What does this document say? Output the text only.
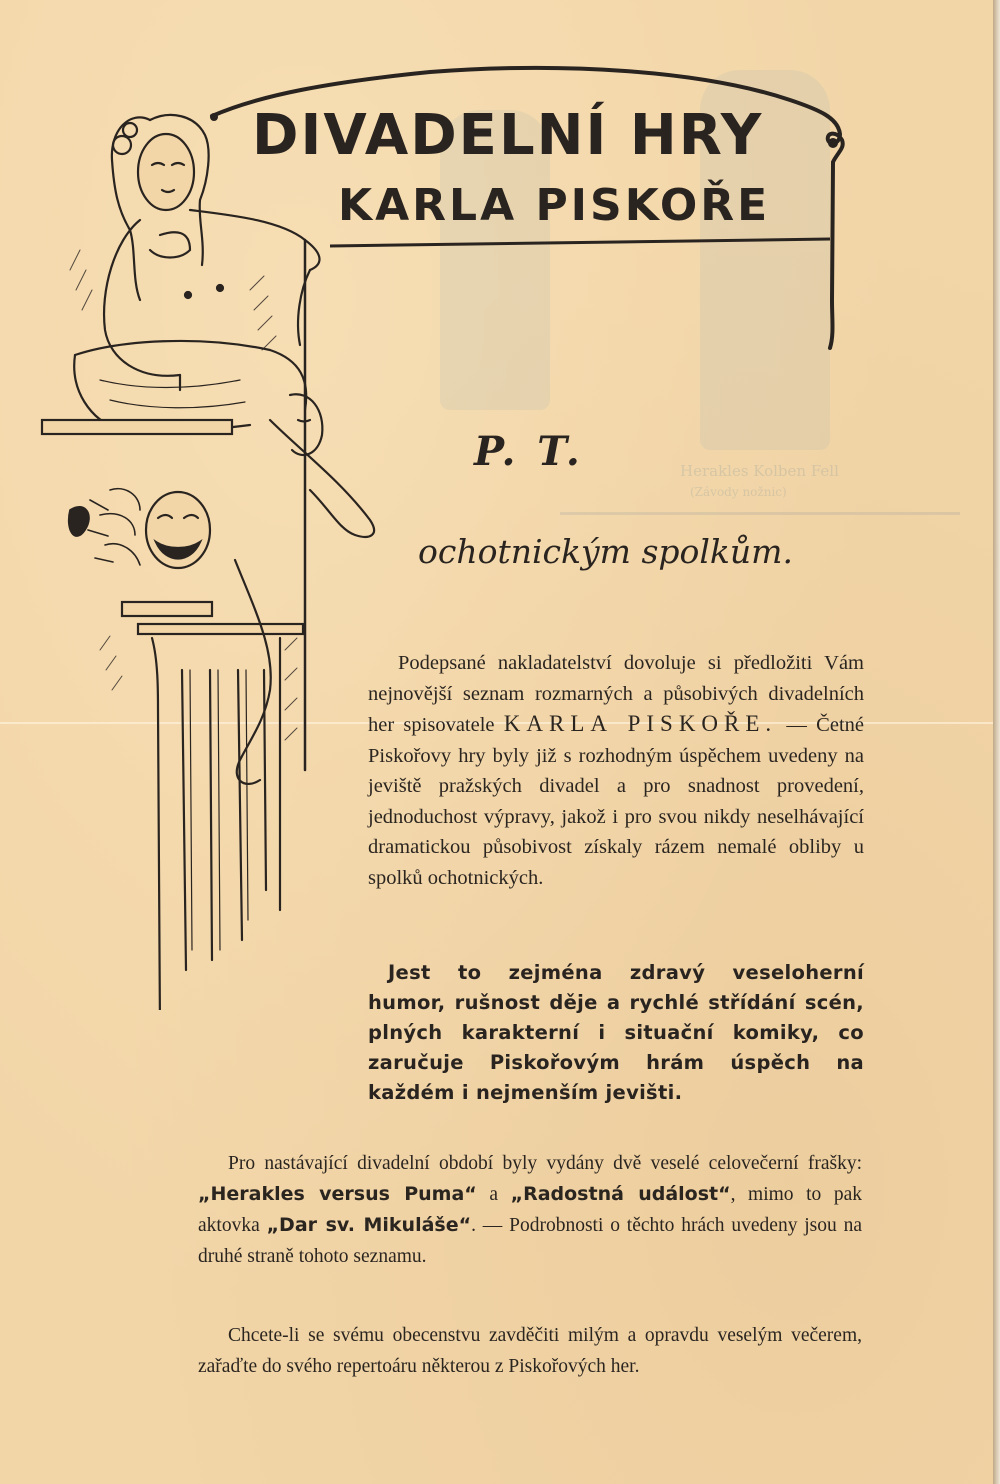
Herakles Kolben Fell
(Závody nožnic)
DIVADELNÍ HRY
KARLA PISKOŘE
P. T.
ochotnickým spolkům.

Podepsané nakladatelství dovoluje si předložiti Vám nejnovější seznam rozmarných a působivých divadelních her spisovatele KARLA PISKOŘE. — Četné Piskořovy hry byly již s rozhodným úspěchem uvedeny na jeviště pražských divadel a pro snadnost provedení, jednoduchost výpravy, jakož i pro svou nikdy neselhávající dramatickou působivost získaly rázem nemalé obliby u spolků ochotnických.

Jest to zejména zdravý veseloherní humor, rušnost děje a rychlé střídání scén, plných karakterní i situační komiky, co zaručuje Piskořovým hrám úspěch na každém i nejmenším jevišti.

Pro nastávající divadelní období byly vydány dvě veselé celovečerní frašky: „Herakles versus Puma“ a „Radostná událost“, mimo to pak aktovka „Dar sv. Mikuláše“. — Podrobnosti o těchto hrách uvedeny jsou na druhé straně tohoto seznamu.

Chcete-li se svému obecenstvu zavděčiti milým a opravdu veselým večerem, zařaďte do svého repertoáru některou z Piskořových her.
